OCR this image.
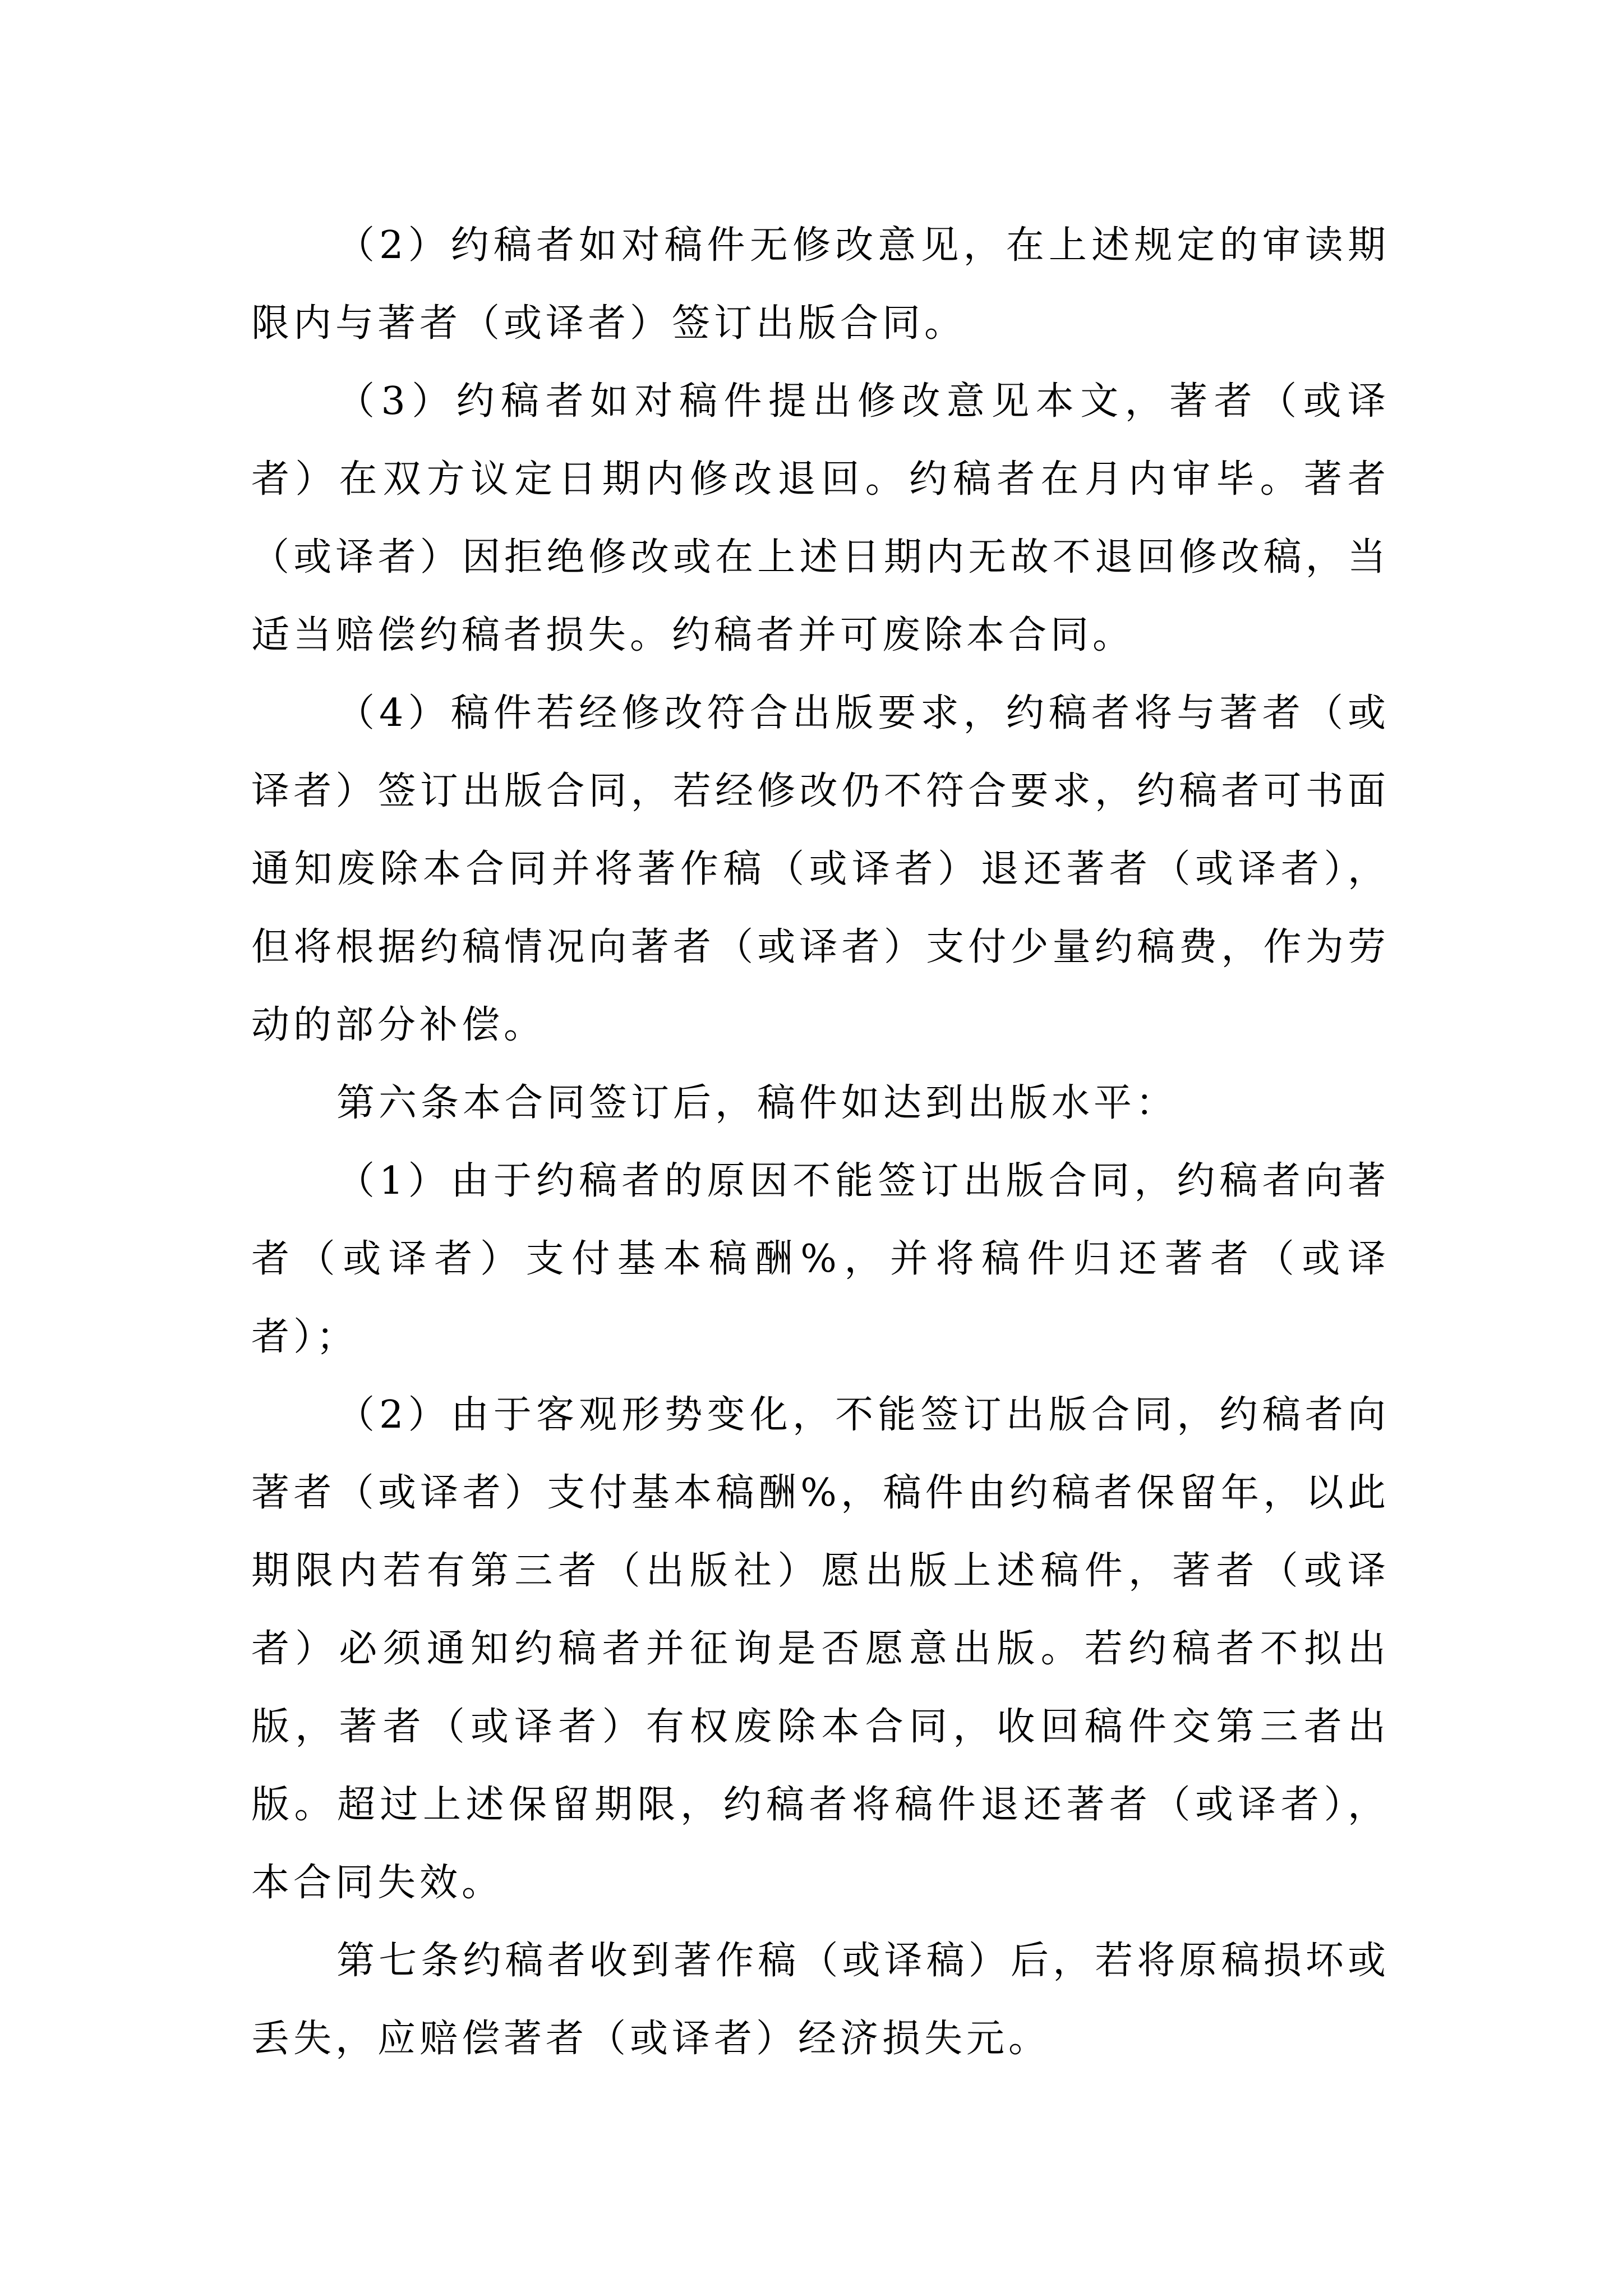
（2）约稿者如对稿件无修改意见，在上述规定的审读期限内与著者（或译者）签订出版合同。

（3）约稿者如对稿件提出修改意见本文，著者（或译者）在双方议定日期内修改退回。约稿者在月内审毕。著者（或译者）因拒绝修改或在上述日期内无故不退回修改稿，当适当赔偿约稿者损失。约稿者并可废除本合同。

（4）稿件若经修改符合出版要求，约稿者将与著者（或译者）签订出版合同，若经修改仍不符合要求，约稿者可书面通知废除本合同并将著作稿（或译者）退还著者（或译者），但将根据约稿情况向著者（或译者）支付少量约稿费，作为劳动的部分补偿。

第六条本合同签订后，稿件如达到出版水平：

（1）由于约稿者的原因不能签订出版合同，约稿者向著者（或译者）支付基本稿酬%，并将稿件归还著者（或译者）；

（2）由于客观形势变化，不能签订出版合同，约稿者向著者（或译者）支付基本稿酬%，稿件由约稿者保留年，以此期限内若有第三者（出版社）愿出版上述稿件，著者（或译者）必须通知约稿者并征询是否愿意出版。若约稿者不拟出版，著者（或译者）有权废除本合同，收回稿件交第三者出版。超过上述保留期限，约稿者将稿件退还著者（或译者），本合同失效。

第七条约稿者收到著作稿（或译稿）后，若将原稿损坏或丢失，应赔偿著者（或译者）经济损失元。
